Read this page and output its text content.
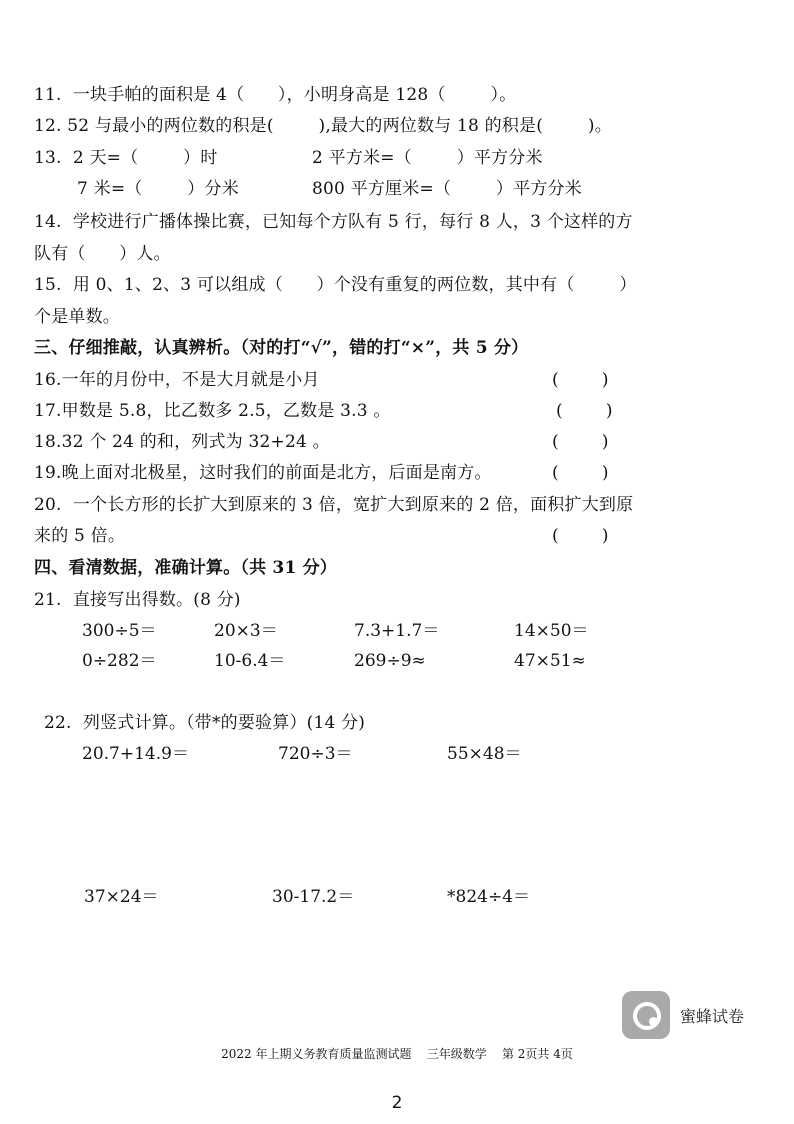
11.  一块手帕的面积是 4（      ），小明身高是 128（        ）。
12. 52 与最小的两位数的积是(        ),最大的两位数与 18 的积是(        )。
13.  2 天=（        ）时	2 平方米=（        ）平方分米
7 米=（        ）分米	800 平方厘米=（        ）平方分米
14.  学校进行广播体操比赛，已知每个方队有 5 行，每行 8 人，3 个这样的方
队有（      ）人。
15.  用 0、1、2、3 可以组成（      ）个没有重复的两位数，其中有（        ）
个是单数。
三、仔细推敲，认真辨析。（对的打“√”，错的打“×”，共 5 分）
16.一年的月份中，不是大月就是小月	(        )
17.甲数是 5.8，比乙数多 2.5，乙数是 3.3 。	(        )
18.32 个 24 的和，列式为 32+24 。	(        )
19.晚上面对北极星，这时我们的前面是北方，后面是南方。	(        )
20.  一个长方形的长扩大到原来的 3 倍，宽扩大到原来的 2 倍，面积扩大到原
来的 5 倍。	(        )
四、看清数据，准确计算。（共 31 分）
21.  直接写出得数。(8 分)
300÷5＝	20×3＝	7.3+1.7＝	14×50＝
0÷282＝	10-6.4＝	269÷9≈	47×51≈
22.  列竖式计算。（带*的要验算）(14 分)
20.7+14.9＝	720÷3＝	55×48＝
37×24＝	30-17.2＝	*824÷4＝
蜜蜂试卷
2022 年上期义务教育质量监测试题    三年级数学    第 2页共 4页
2
